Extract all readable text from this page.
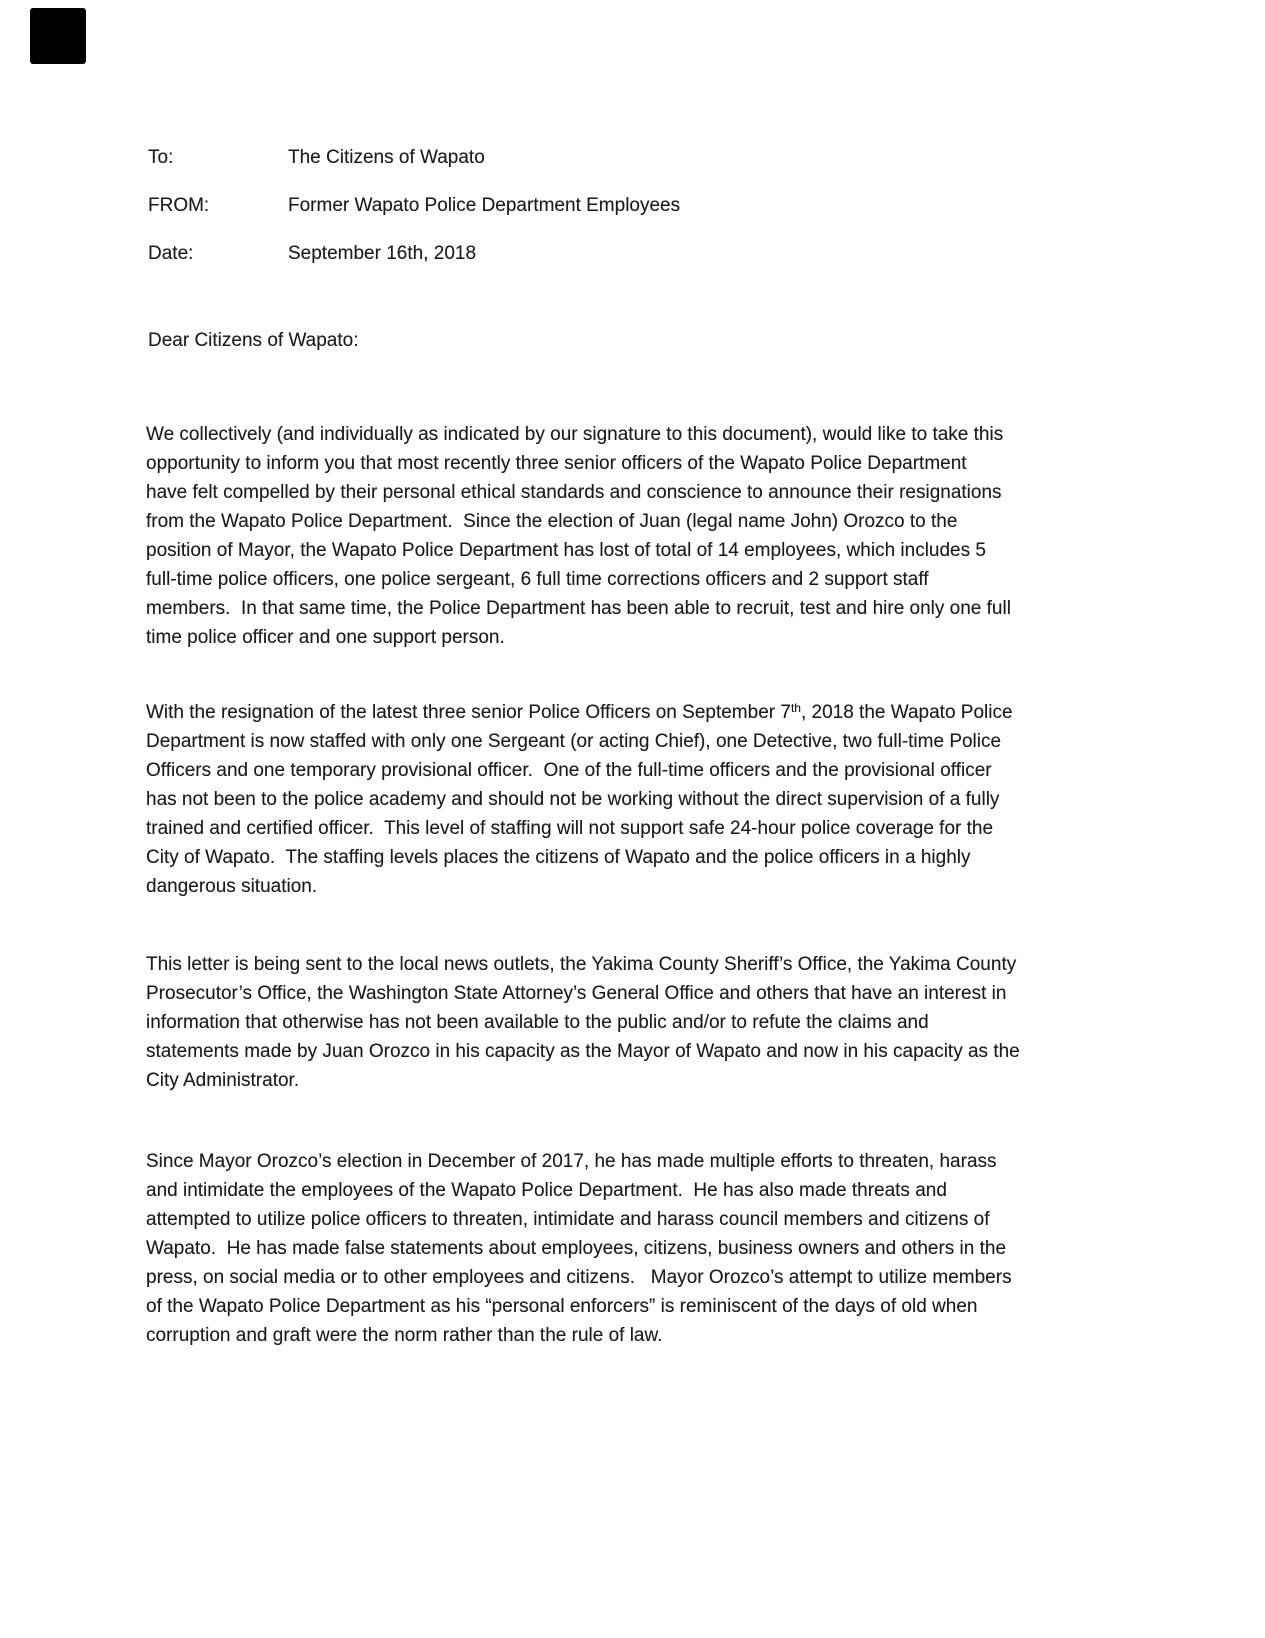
To:	The Citizens of Wapato
FROM:	Former Wapato Police Department Employees
Date:	September 16th, 2018
Dear Citizens of Wapato:
We collectively (and individually as indicated by our signature to this document), would like to take this
opportunity to inform you that most recently three senior officers of the Wapato Police Department
have felt compelled by their personal ethical standards and conscience to announce their resignations
from the Wapato Police Department.  Since the election of Juan (legal name John) Orozco to the
position of Mayor, the Wapato Police Department has lost of total of 14 employees, which includes 5
full-time police officers, one police sergeant, 6 full time corrections officers and 2 support staff
members.  In that same time, the Police Department has been able to recruit, test and hire only one full
time police officer and one support person.
With the resignation of the latest three senior Police Officers on September 7th, 2018 the Wapato Police
Department is now staffed with only one Sergeant (or acting Chief), one Detective, two full-time Police
Officers and one temporary provisional officer.  One of the full-time officers and the provisional officer
has not been to the police academy and should not be working without the direct supervision of a fully
trained and certified officer.  This level of staffing will not support safe 24-hour police coverage for the
City of Wapato.  The staffing levels places the citizens of Wapato and the police officers in a highly
dangerous situation.
This letter is being sent to the local news outlets, the Yakima County Sheriff’s Office, the Yakima County
Prosecutor’s Office, the Washington State Attorney’s General Office and others that have an interest in
information that otherwise has not been available to the public and/or to refute the claims and
statements made by Juan Orozco in his capacity as the Mayor of Wapato and now in his capacity as the
City Administrator.
Since Mayor Orozco’s election in December of 2017, he has made multiple efforts to threaten, harass
and intimidate the employees of the Wapato Police Department.  He has also made threats and
attempted to utilize police officers to threaten, intimidate and harass council members and citizens of
Wapato.  He has made false statements about employees, citizens, business owners and others in the
press, on social media or to other employees and citizens.   Mayor Orozco’s attempt to utilize members
of the Wapato Police Department as his “personal enforcers” is reminiscent of the days of old when
corruption and graft were the norm rather than the rule of law.
